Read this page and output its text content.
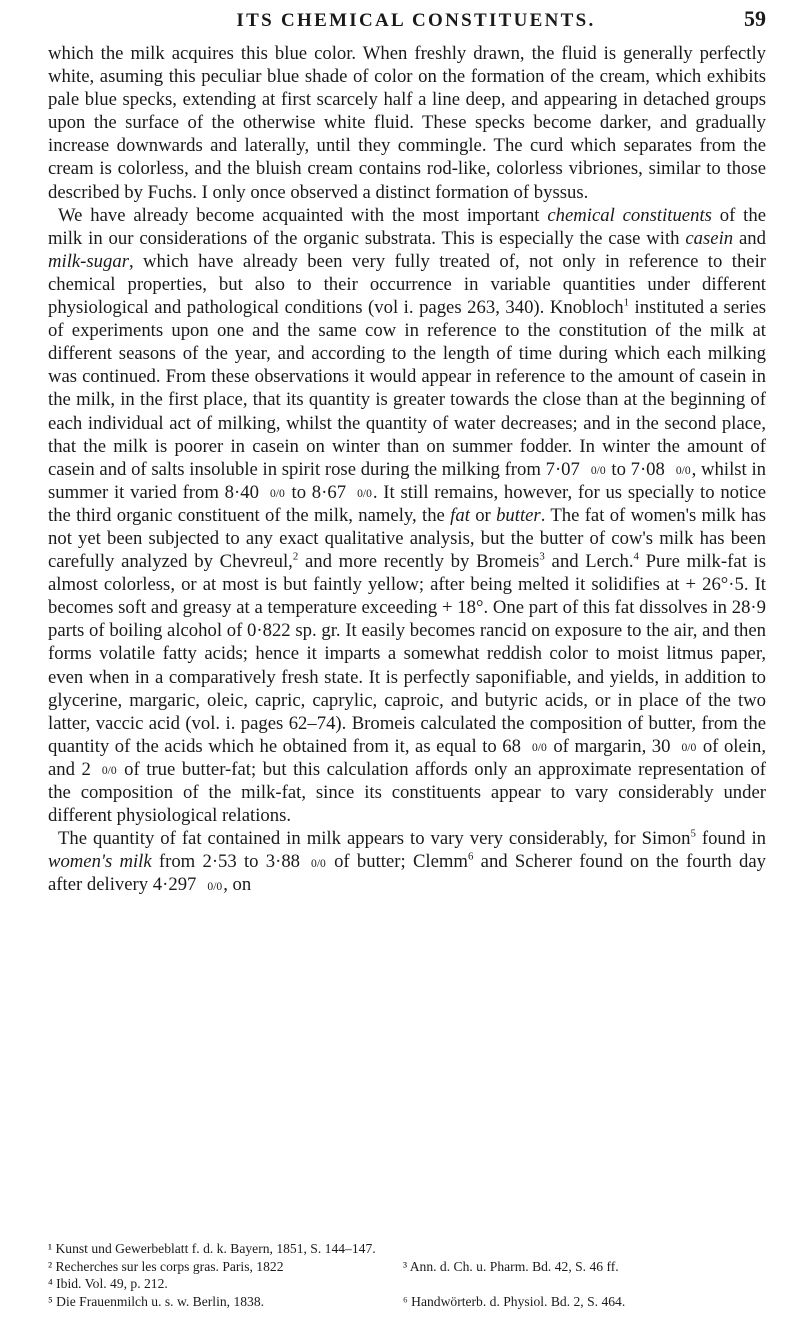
ITS CHEMICAL CONSTITUENTS.	59

which the milk acquires this blue color. When freshly drawn, the fluid is generally perfectly white, asuming this peculiar blue shade of color on the formation of the cream, which exhibits pale blue specks, extending at first scarcely half a line deep, and appearing in detached groups upon the surface of the otherwise white fluid. These specks become darker, and gradually increase downwards and laterally, until they commingle. The curd which separates from the cream is colorless, and the bluish cream contains rod-like, colorless vibriones, similar to those described by Fuchs. I only once observed a distinct formation of byssus.

We have already become acquainted with the most important chemical constituents of the milk in our considerations of the organic substrata. This is especially the case with casein and milk-sugar, which have already been very fully treated of, not only in reference to their chemical properties, but also to their occurrence in variable quantities under different physiological and pathological conditions (vol i. pages 263, 340). Knobloch$^1$ instituted a series of experiments upon one and the same cow in reference to the constitution of the milk at different seasons of the year, and according to the length of time during which each milking was continued. From these observations it would appear in reference to the amount of casein in the milk, in the first place, that its quantity is greater towards the close than at the beginning of each individual act of milking, whilst the quantity of water decreases; and in the second place, that the milk is poorer in casein on winter than on summer fodder. In winter the amount of casein and of salts insoluble in spirit rose during the milking from 7·07 0/0 to 7·08 0/0, whilst in summer it varied from 8·40 0/0 to 8·67 0/0. It still remains, however, for us specially to notice the third organic constituent of the milk, namely, the fat or butter. The fat of women's milk has not yet been subjected to any exact qualitative analysis, but the butter of cow's milk has been carefully analyzed by Chevreul,$^2$ and more recently by Bromeis$^3$ and Lerch.$^4$ Pure milk-fat is almost colorless, or at most is but faintly yellow; after being melted it solidifies at + 26°·5. It becomes soft and greasy at a temperature exceeding + 18°. One part of this fat dissolves in 28·9 parts of boiling alcohol of 0·822 sp. gr. It easily becomes rancid on exposure to the air, and then forms volatile fatty acids; hence it imparts a somewhat reddish color to moist litmus paper, even when in a comparatively fresh state. It is perfectly saponifiable, and yields, in addition to glycerine, margaric, oleic, capric, caprylic, caproic, and butyric acids, or in place of the two latter, vaccic acid (vol. i. pages 62–74). Bromeis calculated the composition of butter, from the quantity of the acids which he obtained from it, as equal to 68 0/0 of margarin, 30 0/0 of olein, and 2 0/0 of true butter-fat; but this calculation affords only an approximate representation of the composition of the milk-fat, since its constituents appear to vary considerably under different physiological relations.

The quantity of fat contained in milk appears to vary very considerably, for Simon$^5$ found in women's milk from 2·53 to 3·88 0/0 of butter; Clemm$^6$ and Scherer found on the fourth day after delivery 4·297 0/0, on

¹ Kunst und Gewerbeblatt f. d. k. Bayern, 1851, S. 144–147.
² Recherches sur les corps gras. Paris, 1822	³ Ann. d. Ch. u. Pharm. Bd. 42, S. 46 ff.
⁴ Ibid. Vol. 49, p. 212.
⁵ Die Frauenmilch u. s. w. Berlin, 1838.	⁶ Handwörterb. d. Physiol. Bd. 2, S. 464.
